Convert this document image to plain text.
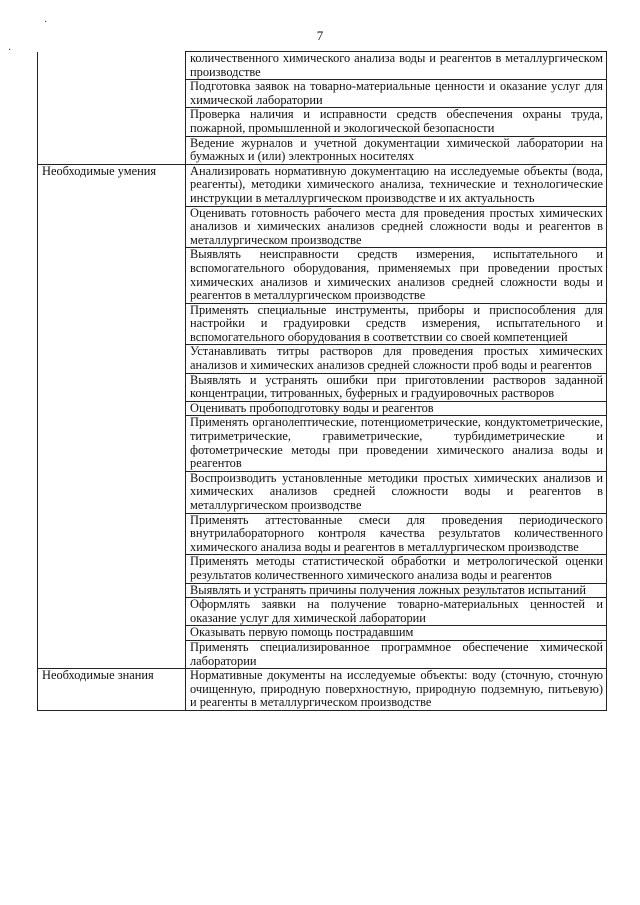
·
·
7
	количественного химического анализа воды и реагентов в металлургическом производстве
	Подготовка заявок на товарно-материальные ценности и оказание услуг для химической лаборатории
	Проверка наличия и исправности средств обеспечения охраны труда, пожарной, промышленной и экологической безопасности
	Ведение журналов и учетной документации химической лаборатории на бумажных и (или) электронных носителях
Необходимые умения	Анализировать нормативную документацию на исследуемые объекты (вода, реагенты), методики химического анализа, технические и технологические инструкции в металлургическом производстве и их актуальность
	Оценивать готовность рабочего места для проведения простых химических анализов и химических анализов средней сложности воды и реагентов в металлургическом производстве
	Выявлять неисправности средств измерения, испытательного и вспомогательного оборудования, применяемых при проведении простых химических анализов и химических анализов средней сложности воды и реагентов в металлургическом производстве
	Применять специальные инструменты, приборы и приспособления для настройки и градуировки средств измерения, испытательного и вспомогательного оборудования в соответствии со своей компетенцией
	Устанавливать титры растворов для проведения простых химических анализов и химических анализов средней сложности проб воды и реагентов
	Выявлять и устранять ошибки при приготовлении растворов заданной концентрации, титрованных, буферных и градуировочных растворов
	Оценивать пробоподготовку воды и реагентов
	Применять органолептические, потенциометрические, кондуктометрические, титриметрические, гравиметрические, турбидиметрические и фотометрические методы при проведении химического анализа воды и реагентов
	Воспроизводить установленные методики простых химических анализов и химических анализов средней сложности воды и реагентов в металлургическом производстве
	Применять аттестованные смеси для проведения периодического внутрилабораторного контроля качества результатов количественного химического анализа воды и реагентов в металлургическом производстве
	Применять методы статистической обработки и метрологической оценки результатов количественного химического анализа воды и реагентов
	Выявлять и устранять причины получения ложных результатов испытаний
	Оформлять заявки на получение товарно-материальных ценностей и оказание услуг для химической лаборатории
	Оказывать первую помощь пострадавшим
	Применять специализированное программное обеспечение химической лаборатории
Необходимые знания	Нормативные документы на исследуемые объекты: воду (сточную, сточную очищенную, природную поверхностную, природную подземную, питьевую) и реагенты в металлургическом производстве
